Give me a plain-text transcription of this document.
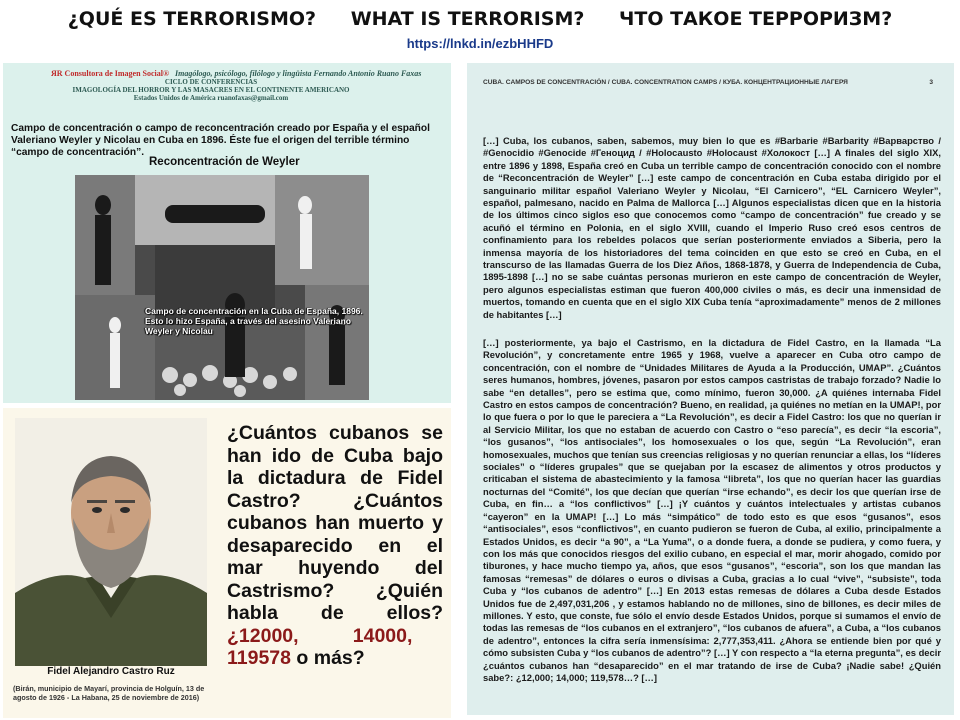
¿QUÉ ES TERRORISMO? WHAT IS TERRORISM? ЧТО ТАКОЕ ТЕРРОРИЗМ?
https://lnkd.in/ezbHHFD
ЯR Consultora de Imagen Social® Imagólogo, psicólogo, filólogo y lingüista Fernando Antonio Ruano Faxas
CICLO DE CONFERENCIAS
IMAGOLOGÍA DEL HORROR Y LAS MASACRES EN EL CONTINENTE AMERICANO
Estados Unidos de América ruanofaxas@gmail.com
Campo de concentración o campo de reconcentración creado por España y el español Valeriano Weyler y Nicolau en Cuba en 1896. Éste fue el origen del terrible término “campo de concentración”.
Reconcentración de Weyler
Campo de concentración en la Cuba de España, 1896.
Esto lo hizo España, a través del asesino Valeriano Weyler y Nicolau
Fidel Alejandro Castro Ruz
(Birán, municipio de Mayarí, provincia de Holguín, 13 de agosto de 1926 - La Habana, 25 de noviembre de 2016)
¿Cuántos cubanos se han ido de Cuba bajo la dictadura de Fidel Castro? ¿Cuántos cubanos han muerto y desaparecido en el mar huyendo del Castrismo? ¿Quién habla de ellos?
¿12000,	14000,
119578 o más?
CUBA. CAMPOS DE CONCENTRACIÓN / CUBA. CONCENTRATION CAMPS / КУБА. КОНЦЕНТРАЦИОННЫЕ ЛАГЕРЯ	3
[…] Cuba, los cubanos, saben, sabemos, muy bien lo que es #Barbarie #Barbarity #Варварство / #Genocidio #Genocide #Геноцид / #Holocausto #Holocaust #Холокост […] A finales del siglo XIX, entre 1896 y 1898, España creó en Cuba un terrible campo de concentración conocido con el nombre de “Reconcentración de Weyler” […] este campo de concentración en Cuba estaba dirigido por el sanguinario militar español Valeriano Weyler y Nicolau, “El Carnicero”, “EL Carnicero Weyler”, español, palmesano, nacido en Palma de Mallorca […] Algunos especialistas dicen que en la historia de los últimos cinco siglos eso que conocemos como “campo de concentración” fue creado y se acuñó el término en Polonia, en el siglo XVIII, cuando el Imperio Ruso creó esos centros de confinamiento para los rebeldes polacos que serían posteriormente enviados a Siberia, pero la inmensa mayoría de los historiadores del tema coinciden en que esto se creó en Cuba, en el transcurso de las llamadas Guerra de los Diez Años, 1868-1878, y Guerra de Independencia de Cuba, 1895-1898 […] no se sabe cuántas personas murieron en este campo de concentración de Weyler, pero algunos especialistas estiman que fueron 400,000 civiles o más, es decir una inmensidad de muertos, tomando en cuenta que en el siglo XIX Cuba tenía “aproximadamente” menos de 2 millones de habitantes […]
[…] posteriormente, ya bajo el Castrismo, en la dictadura de Fidel Castro, en la llamada “La Revolución”, y concretamente entre 1965 y 1968, vuelve a aparecer en Cuba otro campo de concentración, con el nombre de “Unidades Militares de Ayuda a la Producción, UMAP”. ¿Cuántos seres humanos, hombres, jóvenes, pasaron por estos campos castristas de trabajo forzado? Nadie lo sabe “en detalles”, pero se estima que, como mínimo, fueron 30,000. ¿A quiénes internaba Fidel Castro en estos campos de concentración? Bueno, en realidad, ¡a quiénes no metían en la UMAP!, por lo que fuera o por lo que le pareciera a “La Revolución”, es decir a Fidel Castro: los que no querían ir al Servicio Militar, los que no estaban de acuerdo con Castro o “eso parecía”, es decir “la escoria”, “los gusanos”, “los antisociales”, los homosexuales o los que, según “La Revolución”, eran homosexuales, muchos que tenían sus creencias religiosas y no querían renunciar a ellas, los “líderes sociales” o “líderes grupales” que se quejaban por la escasez de alimentos y otros productos y criticaban el sistema de abastecimiento y la famosa “libreta”, los que no querían hacer las guardias nocturnas del “Comité”, los que decían que querían “irse echando”, es decir los que querían irse de Cuba, en fin… a “los conflictivos” […] ¡Y cuántos y cuántos intelectuales y artistas cubanos “cayeron” en la UMAP! […] Lo más “simpático” de todo esto es que esos “gusanos”, esos “antisociales”, esos “conflictivos”, en cuanto pudieron se fueron de Cuba, al exilio, principalmente a Estados Unidos, es decir “a 90”, a “La Yuma”, o a donde fuera, a donde se pudiera, y como fuera, y con los más que conocidos riesgos del exilio cubano, en especial el mar, morir ahogado, comido por tiburones, y hace mucho tiempo ya, años, que esos “gusanos”, “escoria”, son los que mandan las famosas “remesas” de dólares o euros o divisas a Cuba, gracias a lo cual “vive”, “subsiste”, toda Cuba y “los cubanos de adentro” […] En 2013 estas remesas de dólares a Cuba desde Estados Unidos fue de 2,497,031,206 , y estamos hablando no de millones, sino de billones, es decir miles de millones. Y esto, que conste, fue sólo el envío desde Estados Unidos, porque si sumamos el envío de todas las remesas de “los cubanos en el extranjero”, “los cubanos de afuera”, a Cuba, a “los cubanos de adentro”, entonces la cifra sería inmensísima: 2,777,353,411. ¿Ahora se entiende bien por qué y cómo subsisten Cuba y “los cubanos de adentro”? […] Y con respecto a “la eterna pregunta”, es decir ¿cuántos cubanos han “desaparecido” en el mar tratando de irse de Cuba? ¡Nadie sabe! ¿Quién sabe?: ¿12,000; 14,000; 119,578…? […]
